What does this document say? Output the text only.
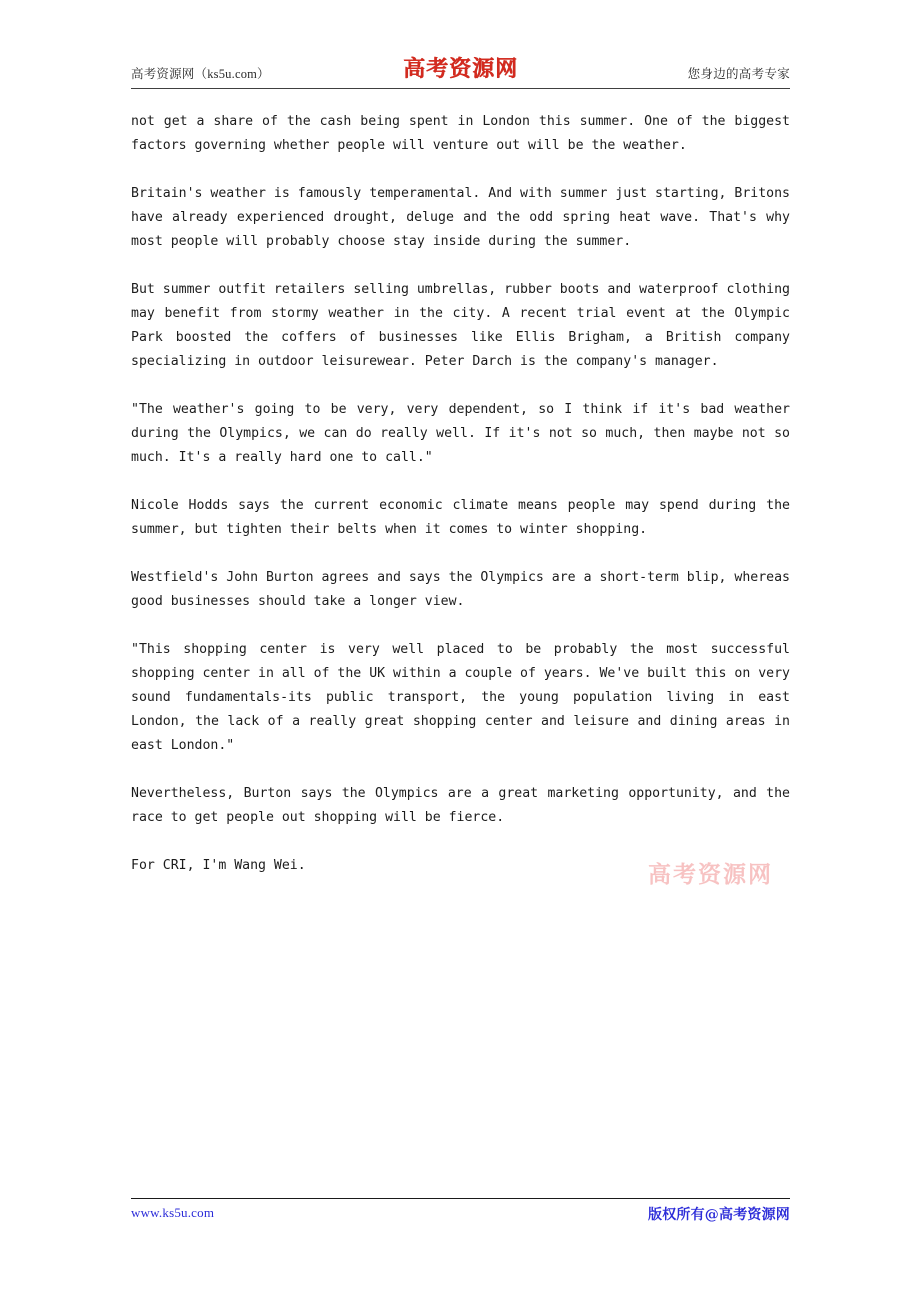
高考资源网（ks5u.com）	高考资源网	您身边的高考专家

not get a share of the cash being spent in London this summer. One of the biggest factors governing whether people will venture out will be the weather.

Britain's weather is famously temperamental. And with summer just starting, Britons have already experienced drought, deluge and the odd spring heat wave. That's why most people will probably choose stay inside during the summer.

But summer outfit retailers selling umbrellas, rubber boots and waterproof clothing may benefit from stormy weather in the city. A recent trial event at the Olympic Park boosted the coffers of businesses like Ellis Brigham, a British company specializing in outdoor leisurewear. Peter Darch is the company's manager.

"The weather's going to be very, very dependent, so I think if it's bad weather during the Olympics, we can do really well. If it's not so much, then maybe not so much. It's a really hard one to call."

Nicole Hodds says the current economic climate means people may spend during the summer, but tighten their belts when it comes to winter shopping.

Westfield's John Burton agrees and says the Olympics are a short-term blip, whereas good businesses should take a longer view.

"This shopping center is very well placed to be probably the most successful shopping center in all of the UK within a couple of years. We've built this on very sound fundamentals-its public transport, the young population living in east London, the lack of a really great shopping center and leisure and dining areas in east London."

Nevertheless, Burton says the Olympics are a great marketing opportunity, and the race to get people out shopping will be fierce.

For CRI, I'm Wang Wei.	高考资源网
www.ks5u.com	版权所有@高考资源网
